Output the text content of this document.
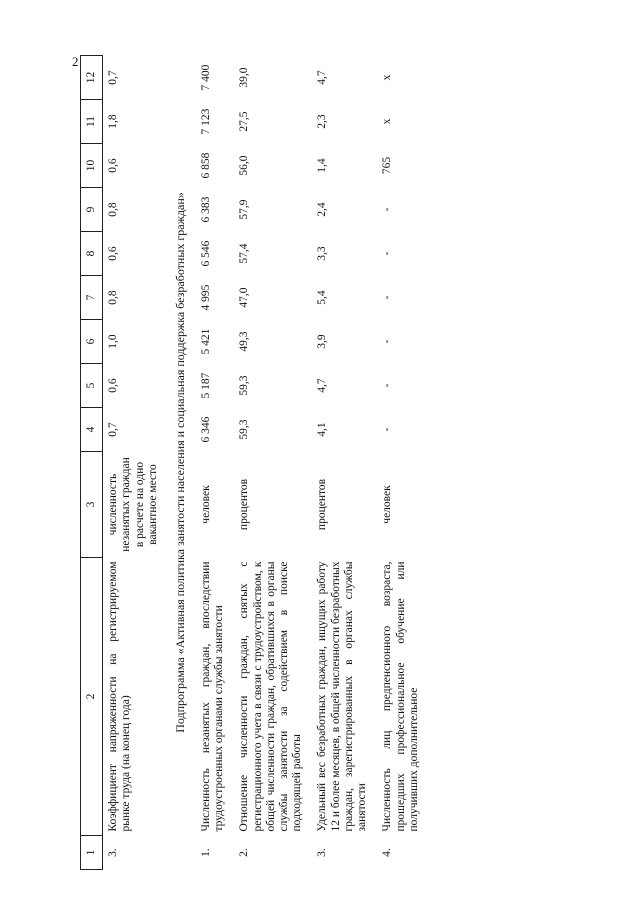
2
1	2	3	4	5	6	7	8	9	10	11	12
3.	Коэффициент напряженности на регистрируемом рынке труда (на конец года)	численность незанятых граждан в расчете на одно вакантное место	0,7	0,6	1,0	0,8	0,6	0,8	0,6	1,8	0,7
Подпрограмма «Активная политика занятости населения и социальная поддержка безработных граждан»											
1.	Численность незанятых граждан, впоследствии трудоустроенных органами службы занятости	человек	6 346	5 187	5 421	4 995	6 546	6 383	6 858	7 123	7 400
2.	Отношение численности граждан, снятых с регистрационного учета в связи с трудоустройством, к общей численности граждан, обратившихся в органы службы занятости за содействием в поиске подходящей работы	процентов	59,3	59,3	49,3	47,0	57,4	57,9	56,0	27,5	39,0
3.	Удельный вес безработных граждан, ищущих работу 12 и более месяцев, в общей численности безработных граждан, зарегистрированных в органах службы занятости	процентов	4,1	4,7	3,9	5,4	3,3	2,4	1,4	2,3	4,7
4.	Численность лиц предпенсионного возраста, прошедших профессиональное обучение или получивших дополнительное	человек	-	-	-	-	-	-	765	x	x
